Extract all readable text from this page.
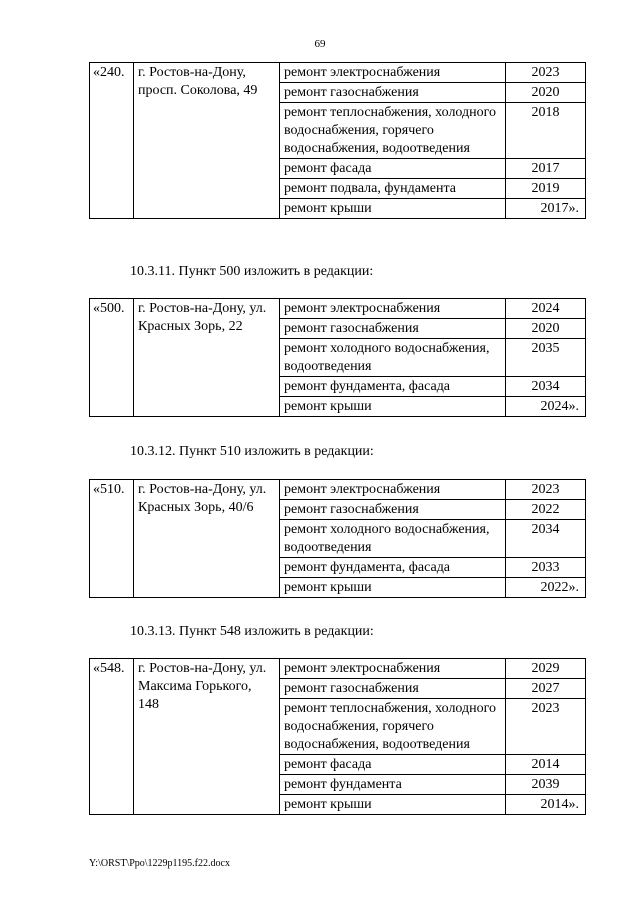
69
«240.	г. Ростов-на-Дону, просп. Соколова, 49	ремонт электроснабжения	2023
		ремонт газоснабжения	2020
		ремонт теплоснабжения, холодного водоснабжения, горячего водоснабжения, водоотведения	2018
		ремонт фасада	2017
		ремонт подвала, фундамента	2019
		ремонт крыши	2017».
10.3.11. Пункт 500 изложить в редакции:
«500.	г. Ростов-на-Дону, ул. Красных Зорь, 22	ремонт электроснабжения	2024
		ремонт газоснабжения	2020
		ремонт холодного водоснабжения, водоотведения	2035
		ремонт фундамента, фасада	2034
		ремонт крыши	2024».
10.3.12. Пункт 510 изложить в редакции:
«510.	г. Ростов-на-Дону, ул. Красных Зорь, 40/6	ремонт электроснабжения	2023
		ремонт газоснабжения	2022
		ремонт холодного водоснабжения, водоотведения	2034
		ремонт фундамента, фасада	2033
		ремонт крыши	2022».
10.3.13. Пункт 548 изложить в редакции:
«548.	г. Ростов-на-Дону, ул. Максима Горького, 148	ремонт электроснабжения	2029
		ремонт газоснабжения	2027
		ремонт теплоснабжения, холодного водоснабжения, горячего водоснабжения, водоотведения	2023
		ремонт фасада	2014
		ремонт фундамента	2039
		ремонт крыши	2014».
Y:\ORST\Ppo\1229p1195.f22.docx
